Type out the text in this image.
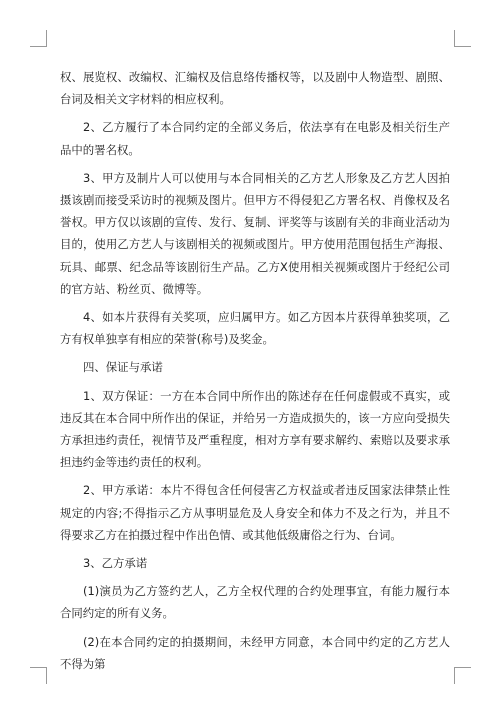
权、展览权、改编权、汇编权及信息络传播权等，以及剧中人物造型、剧照、台词及相关文字材料的相应权利。

2、乙方履行了本合同约定的全部义务后，依法享有在电影及相关衍生产品中的署名权。

3、甲方及制片人可以使用与本合同相关的乙方艺人形象及乙方艺人因拍摄该剧而接受采访时的视频及图片。但甲方不得侵犯乙方署名权、肖像权及名誉权。甲方仅以该剧的宣传、发行、复制、评奖等与该剧有关的非商业活动为目的，使用乙方艺人与该剧相关的视频或图片。甲方使用范围包括生产海报、玩具、邮票、纪念品等该剧衍生产品。乙方X使用相关视频或图片于经纪公司的官方站、粉丝页、微博等。

4、如本片获得有关奖项，应归属甲方。如乙方因本片获得单独奖项，乙方有权单独享有相应的荣誉(称号)及奖金。

四、保证与承诺

1、双方保证：一方在本合同中所作出的陈述存在任何虚假或不真实，或违反其在本合同中所作出的保证，并给另一方造成损失的，该一方应向受损失方承担违约责任，视情节及严重程度，相对方享有要求解约、索赔以及要求承担违约金等违约责任的权利。

2、甲方承诺：本片不得包含任何侵害乙方权益或者违反国家法律禁止性规定的内容;不得指示乙方从事明显危及人身安全和体力不及之行为，并且不得要求乙方在拍摄过程中作出色情、或其他低级庸俗之行为、台词。

3、乙方承诺

(1)演员为乙方签约艺人，乙方全权代理的合约处理事宜，有能力履行本合同约定的所有义务。

(2)在本合同约定的拍摄期间，未经甲方同意，本合同中约定的乙方艺人不得为第
